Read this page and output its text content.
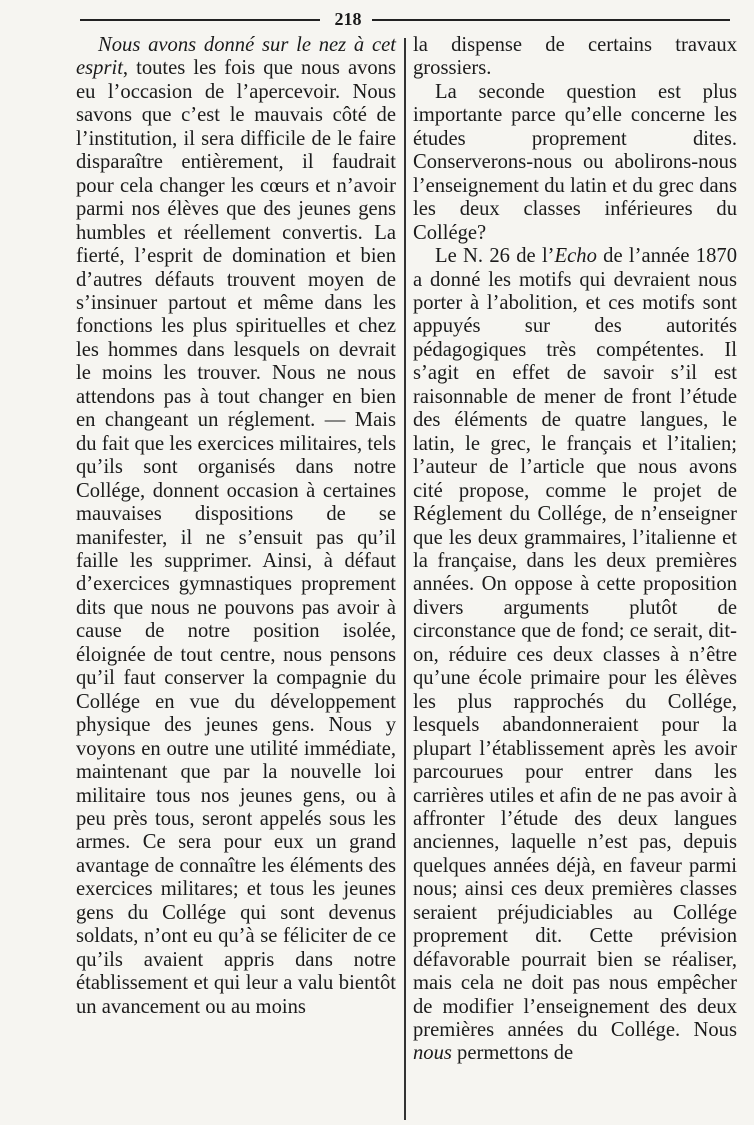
218

Nous avons donné sur le nez à cet esprit, toutes les fois que nous avons eu l’occasion de l’apercevoir. Nous savons que c’est le mauvais côté de l’institution, il sera difficile de le faire disparaître entièrement, il faudrait pour cela changer les cœurs et n’avoir parmi nos élèves que des jeunes gens humbles et réellement convertis. La fierté, l’esprit de domination et bien d’autres défauts trouvent moyen de s’insinuer partout et même dans les fonctions les plus spirituelles et chez les hommes dans lesquels on devrait le moins les trouver. Nous ne nous attendons pas à tout changer en bien en changeant un réglement. — Mais du fait que les exercices militaires, tels qu’ils sont organisés dans notre Collége, donnent occasion à certaines mauvaises dispositions de se manifester, il ne s’ensuit pas qu’il faille les supprimer. Ainsi, à défaut d’exercices gymnastiques proprement dits que nous ne pouvons pas avoir à cause de notre position isolée, éloignée de tout centre, nous pensons qu’il faut conserver la compagnie du Collége en vue du développement physique des jeunes gens. Nous y voyons en outre une utilité immédiate, maintenant que par la nouvelle loi militaire tous nos jeunes gens, ou à peu près tous, seront appelés sous les armes. Ce sera pour eux un grand avantage de connaître les éléments des exercices militares; et tous les jeunes gens du Collége qui sont devenus soldats, n’ont eu qu’à se féliciter de ce qu’ils avaient appris dans notre établissement et qui leur a valu bientôt un avancement ou au moins

la dispense de certains travaux grossiers.

La seconde question est plus importante parce qu’elle concerne les études proprement dites. Conserverons-nous ou abolirons-nous l’enseignement du latin et du grec dans les deux classes inférieures du Collége?

Le N. 26 de l’Echo de l’année 1870 a donné les motifs qui devraient nous porter à l’abolition, et ces motifs sont appuyés sur des autorités pédagogiques très compétentes. Il s’agit en effet de savoir s’il est raisonnable de mener de front l’étude des éléments de quatre langues, le latin, le grec, le français et l’italien; l’auteur de l’article que nous avons cité propose, comme le projet de Réglement du Collége, de n’enseigner que les deux grammaires, l’italienne et la française, dans les deux premières années. On oppose à cette proposition divers arguments plutôt de circonstance que de fond; ce serait, dit-on, réduire ces deux classes à n’être qu’une école primaire pour les élèves les plus rapprochés du Collége, lesquels abandonneraient pour la plupart l’établissement après les avoir parcourues pour entrer dans les carrières utiles et afin de ne pas avoir à affronter l’étude des deux langues anciennes, laquelle n’est pas, depuis quelques années déjà, en faveur parmi nous; ainsi ces deux premières classes seraient préjudiciables au Collége proprement dit. Cette prévision défavorable pourrait bien se réaliser, mais cela ne doit pas nous empêcher de modifier l’enseignement des deux premières années du Collége. Nous nous permettons de
